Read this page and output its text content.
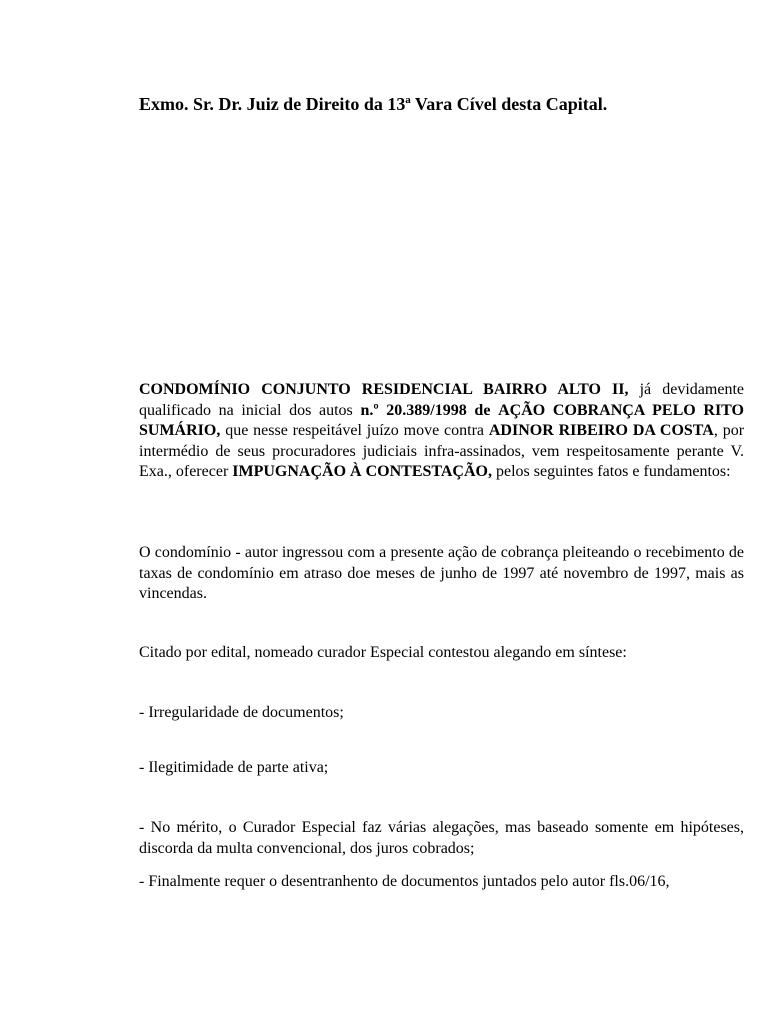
Exmo. Sr. Dr. Juiz de Direito da 13ª Vara Cível desta Capital.
CONDOMÍNIO CONJUNTO RESIDENCIAL BAIRRO ALTO II, já devidamente qualificado na inicial dos autos n.º 20.389/1998 de AÇÃO COBRANÇA PELO RITO SUMÁRIO, que nesse respeitável juízo move contra ADINOR RIBEIRO DA COSTA, por intermédio de seus procuradores judiciais infra-assinados, vem respeitosamente perante V. Exa., oferecer IMPUGNAÇÃO À CONTESTAÇÃO, pelos seguintes fatos e fundamentos:
O condomínio - autor ingressou com a presente ação de cobrança pleiteando o recebimento de taxas de condomínio em atraso doe meses de junho de 1997 até novembro de 1997, mais as vincendas.
Citado por edital, nomeado curador Especial contestou alegando em síntese:
- Irregularidade de documentos;
- Ilegitimidade de parte ativa;
- No mérito, o Curador Especial faz várias alegações, mas baseado somente em hipóteses, discorda da multa convencional, dos juros cobrados;
- Finalmente requer o desentranhento de documentos juntados pelo autor fls.06/16,
